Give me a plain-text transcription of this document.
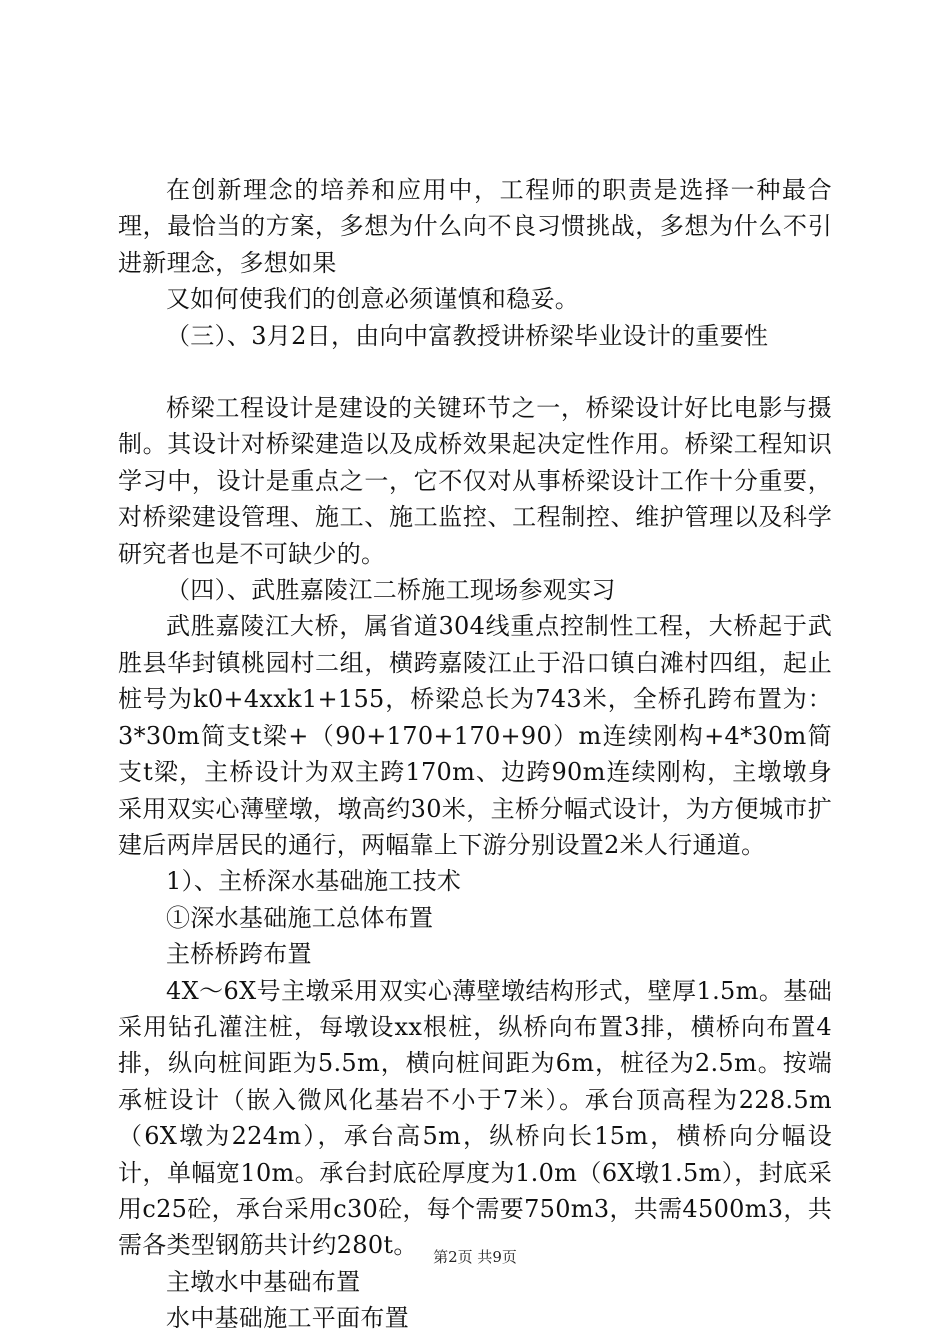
在创新理念的培养和应用中，工程师的职责是选择一种最合理，最恰当的方案，多想为什么向不良习惯挑战，多想为什么不引进新理念，多想如果

又如何使我们的创意必须谨慎和稳妥。

（三）、3月2日，由向中富教授讲桥梁毕业设计的重要性

桥梁工程设计是建设的关键环节之一，桥梁设计好比电影与摄制。其设计对桥梁建造以及成桥效果起决定性作用。桥梁工程知识学习中，设计是重点之一，它不仅对从事桥梁设计工作十分重要，对桥梁建设管理、施工、施工监控、工程制控、维护管理以及科学研究者也是不可缺少的。

（四）、武胜嘉陵江二桥施工现场参观实习

武胜嘉陵江大桥，属省道304线重点控制性工程，大桥起于武胜县华封镇桃园村二组，横跨嘉陵江止于沿口镇白滩村四组，起止桩号为k0+4xxk1+155，桥梁总长为743米，全桥孔跨布置为：3*30m简支t梁+（90+170+170+90）m连续刚构+4*30m简支t梁，主桥设计为双主跨170m、边跨90m连续刚构，主墩墩身采用双实心薄壁墩，墩高约30米，主桥分幅式设计，为方便城市扩建后两岸居民的通行，两幅靠上下游分别设置2米人行通道。

1）、主桥深水基础施工技术

①深水基础施工总体布置

主桥桥跨布置

4X～6X号主墩采用双实心薄壁墩结构形式，壁厚1.5m。基础采用钻孔灌注桩，每墩设xx根桩，纵桥向布置3排，横桥向布置4排，纵向桩间距为5.5m，横向桩间距为6m，桩径为2.5m。按端承桩设计（嵌入微风化基岩不小于7米）。承台顶高程为228.5m（6X墩为224m），承台高5m，纵桥向长15m，横桥向分幅设计，单幅宽10m。承台封底砼厚度为1.0m（6X墩1.5m），封底采用c25砼，承台采用c30砼，每个需要750m3，共需4500m3，共需各类型钢筋共计约280t。

主墩水中基础布置

水中基础施工平面布置

第2页 共9页
